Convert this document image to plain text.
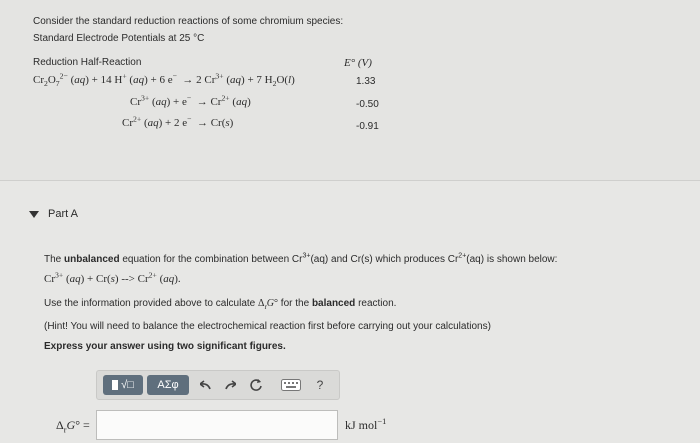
Consider the standard reduction reactions of some chromium species:
Standard Electrode Potentials at 25 °C
Reduction Half-Reaction	E° (V)
$Cr_2O_7^{2-}$ (aq) + 14 H+ (aq) + 6 e−  → 2 $Cr^{3+}$ (aq) + 7 $H_2O(l)$	1.33
$Cr^{3+}$ $(aq) + e^- \to Cr^{2+}$ (aq)	-0.50
$Cr^{2+}$ (aq) + 2 e−  → Cr(s)	-0.91
Part A
The unbalanced equation for the combination between $Cr^{3+}(aq)$ and Cr(s) which produces $Cr^{2+}(aq)$ is shown below:
$Cr^{3+}$ (aq) + Cr(s) --> $Cr^{2+}$ (aq).
Use the information provided above to calculate $\Delta_rG^\circ$ for the balanced reaction.
(Hint! You will need to balance the electrochemical reaction first before carrying out your calculations)
Express your answer using two significant figures.
√□ ΑΣφ	?
$\Delta_rG^\circ$ =	kJ mol$^{-1}$
